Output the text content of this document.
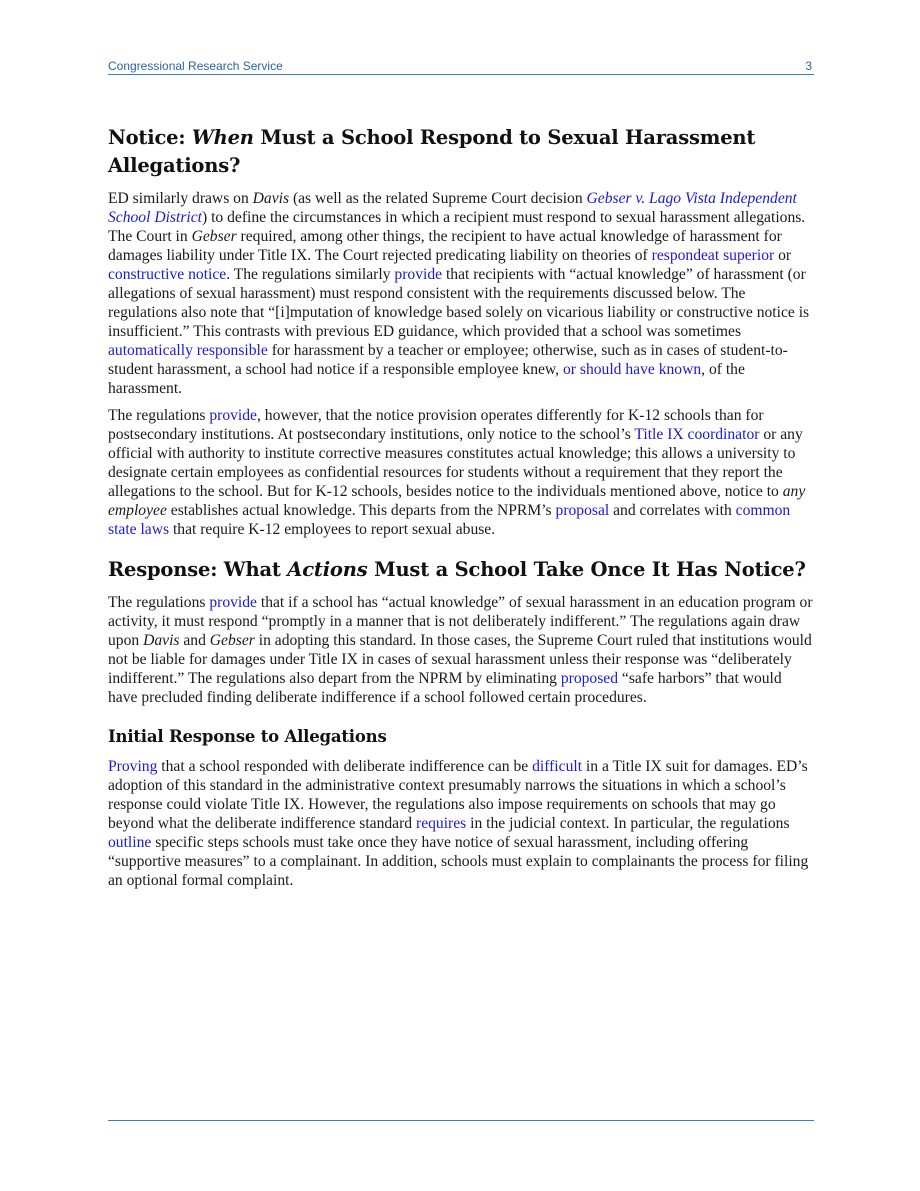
Congressional Research Service	3
Notice: When Must a School Respond to Sexual Harassment Allegations?

ED similarly draws on Davis (as well as the related Supreme Court decision Gebser v. Lago Vista Independent School District) to define the circumstances in which a recipient must respond to sexual harassment allegations. The Court in Gebser required, among other things, the recipient to have actual knowledge of harassment for damages liability under Title IX. The Court rejected predicating liability on theories of respondeat superior or constructive notice. The regulations similarly provide that recipients with “actual knowledge” of harassment (or allegations of sexual harassment) must respond consistent with the requirements discussed below. The regulations also note that “[i]mputation of knowledge based solely on vicarious liability or constructive notice is insufficient.” This contrasts with previous ED guidance, which provided that a school was sometimes automatically responsible for harassment by a teacher or employee; otherwise, such as in cases of student-to-student harassment, a school had notice if a responsible employee knew, or should have known, of the harassment.

The regulations provide, however, that the notice provision operates differently for K-12 schools than for postsecondary institutions. At postsecondary institutions, only notice to the school’s Title IX coordinator or any official with authority to institute corrective measures constitutes actual knowledge; this allows a university to designate certain employees as confidential resources for students without a requirement that they report the allegations to the school. But for K-12 schools, besides notice to the individuals mentioned above, notice to any employee establishes actual knowledge. This departs from the NPRM’s proposal and correlates with common state laws that require K-12 employees to report sexual abuse.

Response: What Actions Must a School Take Once It Has Notice?

The regulations provide that if a school has “actual knowledge” of sexual harassment in an education program or activity, it must respond “promptly in a manner that is not deliberately indifferent.” The regulations again draw upon Davis and Gebser in adopting this standard. In those cases, the Supreme Court ruled that institutions would not be liable for damages under Title IX in cases of sexual harassment unless their response was “deliberately indifferent.” The regulations also depart from the NPRM by eliminating proposed “safe harbors” that would have precluded finding deliberate indifference if a school followed certain procedures.

Initial Response to Allegations

Proving that a school responded with deliberate indifference can be difficult in a Title IX suit for damages. ED’s adoption of this standard in the administrative context presumably narrows the situations in which a school’s response could violate Title IX. However, the regulations also impose requirements on schools that may go beyond what the deliberate indifference standard requires in the judicial context. In particular, the regulations outline specific steps schools must take once they have notice of sexual harassment, including offering “supportive measures” to a complainant. In addition, schools must explain to complainants the process for filing an optional formal complaint.
